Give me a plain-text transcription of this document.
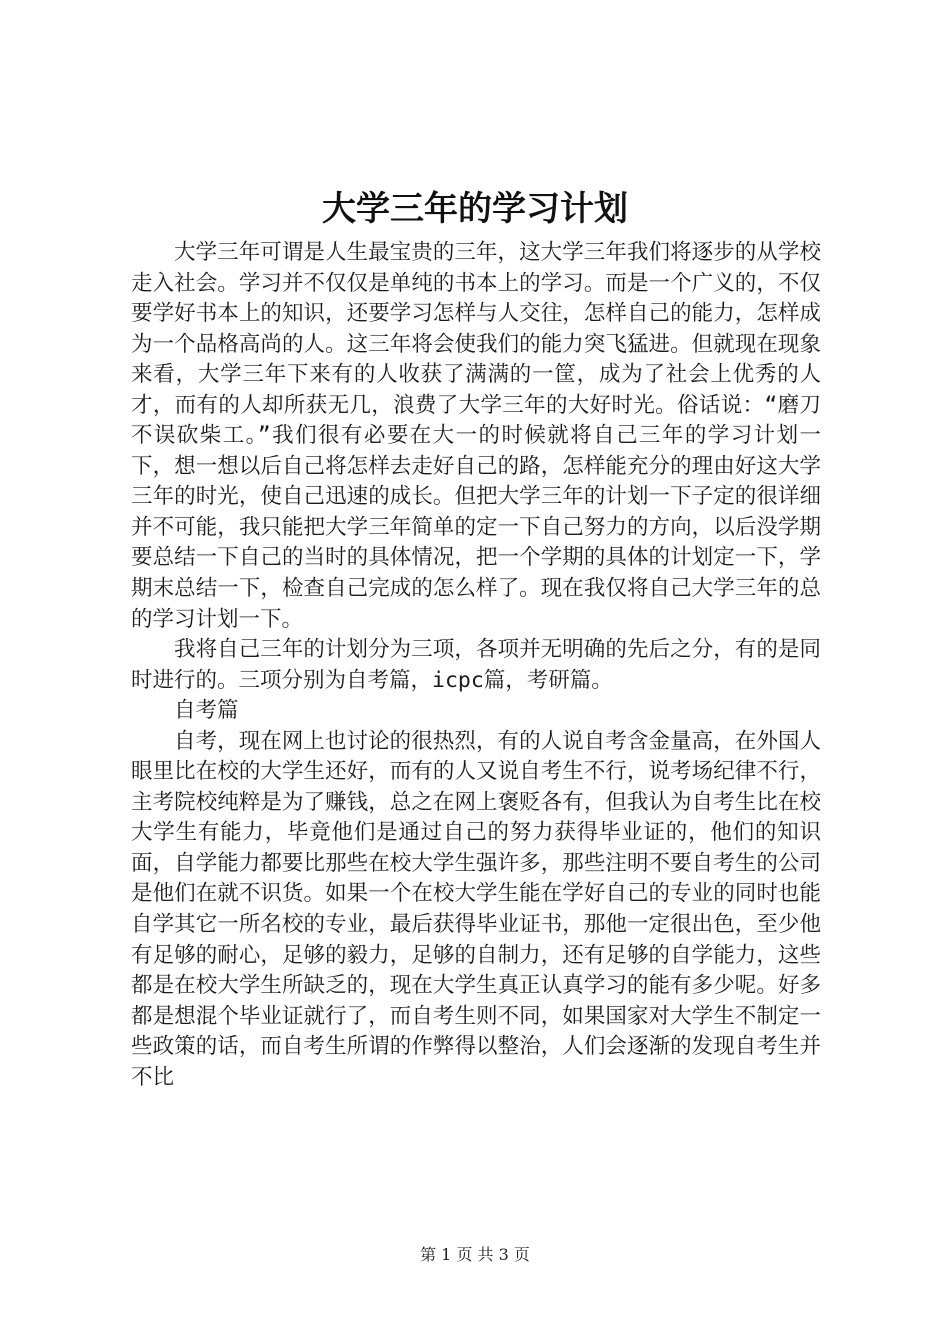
大学三年的学习计划

大学三年可谓是人生最宝贵的三年，这大学三年我们将逐步的从学校走入社会。学习并不仅仅是单纯的书本上的学习。而是一个广义的，不仅要学好书本上的知识，还要学习怎样与人交往，怎样自己的能力，怎样成为一个品格高尚的人。这三年将会使我们的能力突飞猛进。但就现在现象来看，大学三年下来有的人收获了满满的一筐，成为了社会上优秀的人才，而有的人却所获无几，浪费了大学三年的大好时光。俗话说：“磨刀不误砍柴工。”我们很有必要在大一的时候就将自己三年的学习计划一下，想一想以后自己将怎样去走好自己的路，怎样能充分的理由好这大学三年的时光，使自己迅速的成长。但把大学三年的计划一下子定的很详细并不可能，我只能把大学三年简单的定一下自己努力的方向，以后没学期要总结一下自己的当时的具体情况，把一个学期的具体的计划定一下，学期末总结一下，检查自己完成的怎么样了。现在我仅将自己大学三年的总的学习计划一下。

我将自己三年的计划分为三项，各项并无明确的先后之分，有的是同时进行的。三项分别为自考篇，icpc篇，考研篇。

自考篇

自考，现在网上也讨论的很热烈，有的人说自考含金量高，在外国人眼里比在校的大学生还好，而有的人又说自考生不行，说考场纪律不行，主考院校纯粹是为了赚钱，总之在网上褒贬各有，但我认为自考生比在校大学生有能力，毕竟他们是通过自己的努力获得毕业证的，他们的知识面，自学能力都要比那些在校大学生强许多，那些注明不要自考生的公司是他们在就不识货。如果一个在校大学生能在学好自己的专业的同时也能自学其它一所名校的专业，最后获得毕业证书，那他一定很出色，至少他有足够的耐心，足够的毅力，足够的自制力，还有足够的自学能力，这些都是在校大学生所缺乏的，现在大学生真正认真学习的能有多少呢。好多都是想混个毕业证就行了，而自考生则不同，如果国家对大学生不制定一些政策的话，而自考生所谓的作弊得以整治，人们会逐渐的发现自考生并不比

第 1 页 共 3 页
